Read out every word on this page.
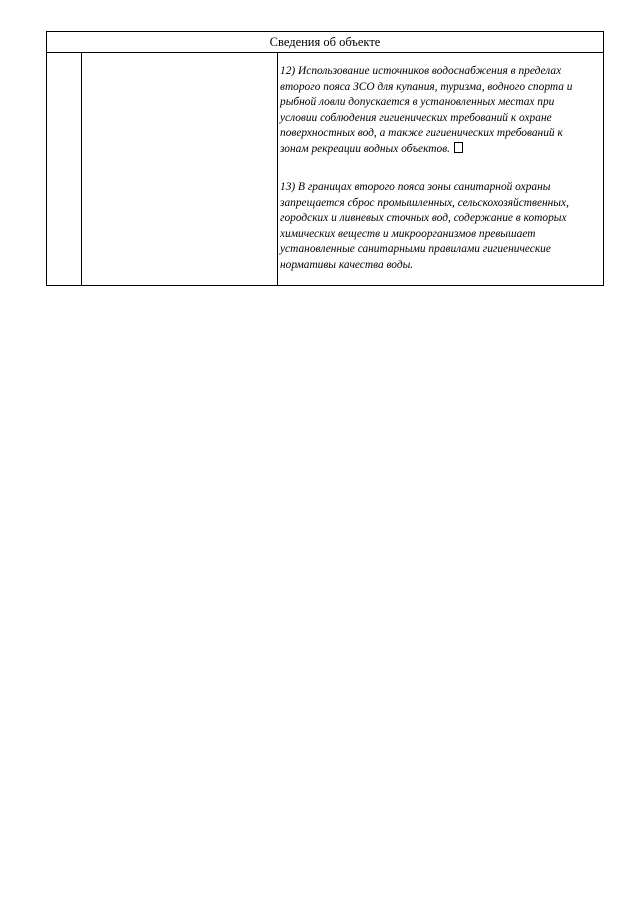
Сведения об объекте

12) Использование источников водоснабжения в пределах второго пояса ЗСО для купания, туризма, водного спорта и рыбной ловли допускается в установленных местах при условии соблюдения гигиенических требований к охране поверхностных вод, а также гигиенических требований к зонам рекреации водных объектов.

13) В границах второго пояса зоны санитарной охраны запрещается сброс промышленных, сельскохозяйственных, городских и ливневых сточных вод, содержание в которых химических веществ и микроорганизмов превышает установленные санитарными правилами гигиенические нормативы качества воды.
